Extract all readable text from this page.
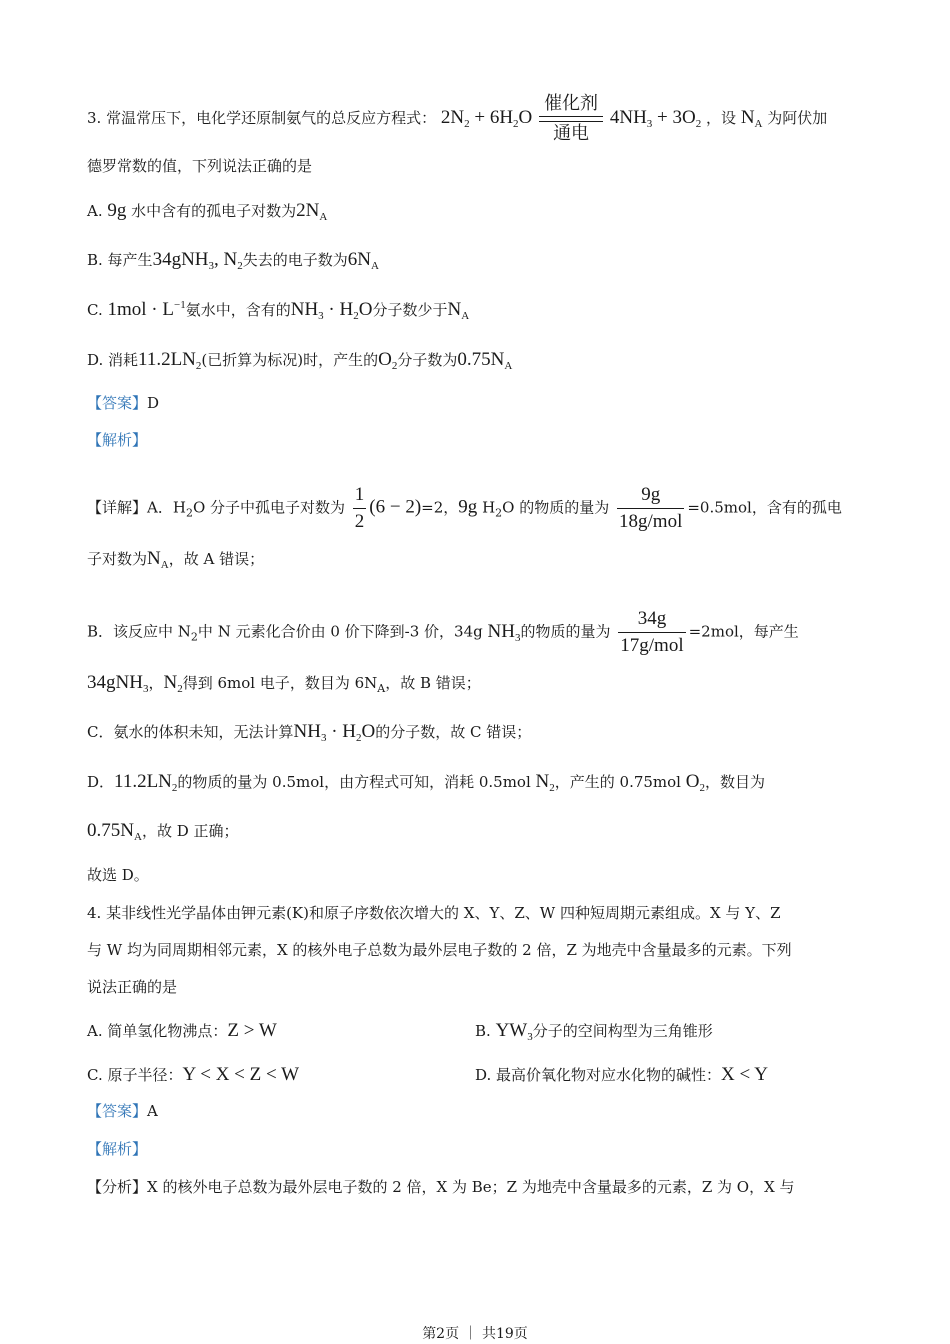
3. 常温常压下，电化学还原制氨气的总反应方程式： $2N_2 + 6H_2O$
催化剂
通电
$4NH_3 + 3O_2$ ，设 $N_A$ 为阿伏加
德罗常数的值，下列说法正确的是
A. 9g 水中含有的孤电子对数为$2N_A$
B. 每产生34gNH$_3$, $N_2$失去的电子数为$6N_A$
C. $1mol \cdot L^{-1}$氨水中，含有的$NH_3 \cdot H_2O$分子数少于$N_A$
D. 消耗$11.2LN_2$(已折算为标况)时，产生的$O_2$分子数为$0.75N_A$
【答案】D
【解析】
【详解】A．$H_2O$ 分子中孤电子对数为 $\frac{1}{2} (6 - 2)=2$，9g $H_2O$ 的物质的量为 $\frac{9g}{\text{18g/mol}} =0.5mol$，含有的孤电
子对数为$N_A$，故 A 错误；
B．该反应中 $N_2$中 N 元素化合价由 0 价下降到-3 价，34g $NH_3$的物质的量为 $\frac{34g}{\text{17g/mol}} =2mol$，每产生
34gNH$_3$，$N_2$得到 6mol 电子，数目为 $6N_A$，故 B 错误；
C．氨水的体积未知，无法计算$NH_3 \cdot H_2O$的分子数，故 C 错误；
D．$11.2LN_2$的物质的量为 0.5mol，由方程式可知，消耗 0.5mol $N_2$，产生的 0.75mol $O_2$，数目为
$0.75N_A$，故 D 正确；
故选 D。
4. 某非线性光学晶体由钾元素(K)和原子序数依次增大的 X、Y、Z、W 四种短周期元素组成。X 与 Y、Z
与 W 均为同周期相邻元素，X 的核外电子总数为最外层电子数的 2 倍，Z 为地壳中含量最多的元素。下列
说法正确的是
A. 简单氢化物沸点：Z > W	B. $YW_3$分子的空间构型为三角锥形
C. 原子半径：Y < X < Z < W	D. 最高价氧化物对应水化物的碱性：X < Y
【答案】A
【解析】
【分析】X 的核外电子总数为最外层电子数的 2 倍，X 为 Be；Z 为地壳中含量最多的元素，Z 为 O，X 与
第2页 ｜ 共19页
